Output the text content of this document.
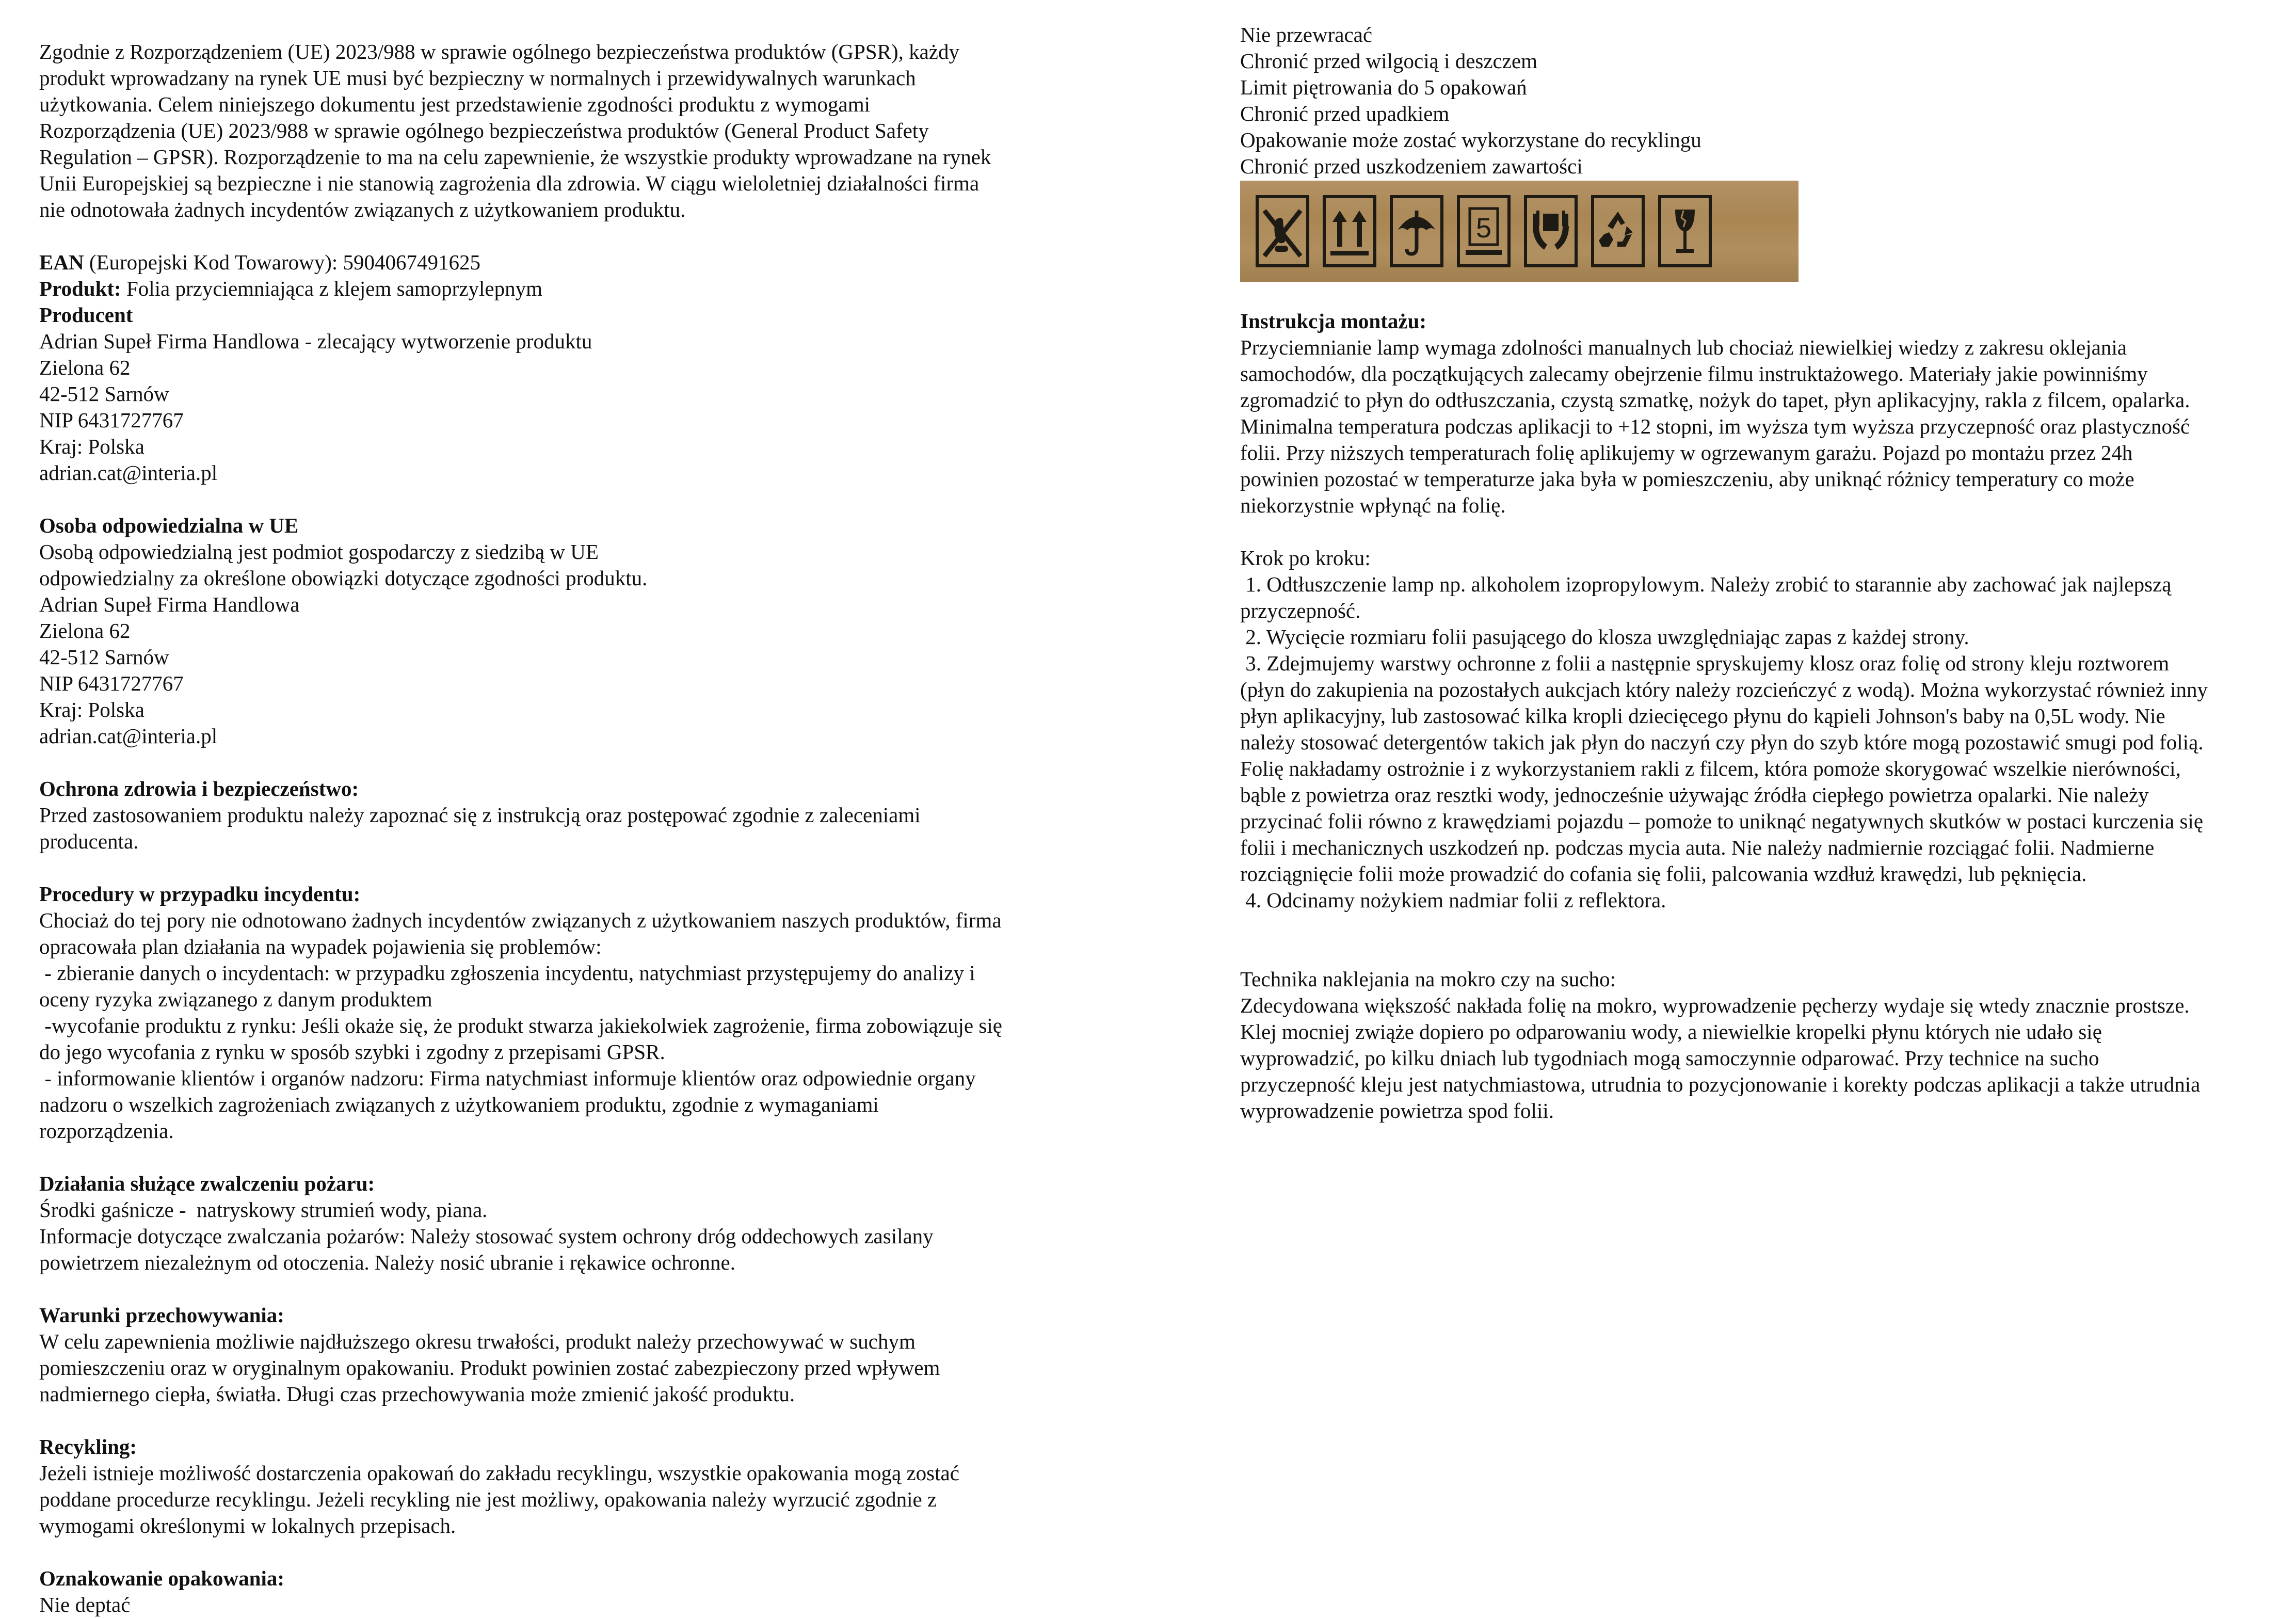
Zgodnie z Rozporządzeniem (UE) 2023/988 w sprawie ogólnego bezpieczeństwa produktów (GPSR), każdy
produkt wprowadzany na rynek UE musi być bezpieczny w normalnych i przewidywalnych warunkach
użytkowania. Celem niniejszego dokumentu jest przedstawienie zgodności produktu z wymogami
Rozporządzenia (UE) 2023/988 w sprawie ogólnego bezpieczeństwa produktów (General Product Safety
Regulation – GPSR). Rozporządzenie to ma na celu zapewnienie, że wszystkie produkty wprowadzane na rynek
Unii Europejskiej są bezpieczne i nie stanowią zagrożenia dla zdrowia. W ciągu wieloletniej działalności firma
nie odnotowała żadnych incydentów związanych z użytkowaniem produktu.
EAN (Europejski Kod Towarowy): 5904067491625
Produkt: Folia przyciemniająca z klejem samoprzylepnym
Producent
Adrian Supeł Firma Handlowa - zlecający wytworzenie produktu
Zielona 62
42-512 Sarnów
NIP 6431727767
Kraj: Polska
adrian.cat@interia.pl
Osoba odpowiedzialna w UE
Osobą odpowiedzialną jest podmiot gospodarczy z siedzibą w UE
odpowiedzialny za określone obowiązki dotyczące zgodności produktu.
Adrian Supeł Firma Handlowa
Zielona 62
42-512 Sarnów
NIP 6431727767
Kraj: Polska
adrian.cat@interia.pl
Ochrona zdrowia i bezpieczeństwo:
Przed zastosowaniem produktu należy zapoznać się z instrukcją oraz postępować zgodnie z zaleceniami
producenta.
Procedury w przypadku incydentu:
Chociaż do tej pory nie odnotowano żadnych incydentów związanych z użytkowaniem naszych produktów, firma
opracowała plan działania na wypadek pojawienia się problemów:
- zbieranie danych o incydentach: w przypadku zgłoszenia incydentu, natychmiast przystępujemy do analizy i
oceny ryzyka związanego z danym produktem
-wycofanie produktu z rynku: Jeśli okaże się, że produkt stwarza jakiekolwiek zagrożenie, firma zobowiązuje się
do jego wycofania z rynku w sposób szybki i zgodny z przepisami GPSR.
- informowanie klientów i organów nadzoru: Firma natychmiast informuje klientów oraz odpowiednie organy
nadzoru o wszelkich zagrożeniach związanych z użytkowaniem produktu, zgodnie z wymaganiami
rozporządzenia.
Działania służące zwalczeniu pożaru:
Środki gaśnicze -  natryskowy strumień wody, piana.
Informacje dotyczące zwalczania pożarów: Należy stosować system ochrony dróg oddechowych zasilany
powietrzem niezależnym od otoczenia. Należy nosić ubranie i rękawice ochronne.
Warunki przechowywania:
W celu zapewnienia możliwie najdłuższego okresu trwałości, produkt należy przechowywać w suchym
pomieszczeniu oraz w oryginalnym opakowaniu. Produkt powinien zostać zabezpieczony przed wpływem
nadmiernego ciepła, światła. Długi czas przechowywania może zmienić jakość produktu.
Recykling:
Jeżeli istnieje możliwość dostarczenia opakowań do zakładu recyklingu, wszystkie opakowania mogą zostać
poddane procedurze recyklingu. Jeżeli recykling nie jest możliwy, opakowania należy wyrzucić zgodnie z
wymogami określonymi w lokalnych przepisach.
Oznakowanie opakowania:
Nie deptać
Nie przewracać
Chronić przed wilgocią i deszczem
Limit piętrowania do 5 opakowań
Chronić przed upadkiem
Opakowanie może zostać wykorzystane do recyklingu
Chronić przed uszkodzeniem zawartości
5
Instrukcja montażu:
Przyciemnianie lamp wymaga zdolności manualnych lub chociaż niewielkiej wiedzy z zakresu oklejania
samochodów, dla początkujących zalecamy obejrzenie filmu instruktażowego. Materiały jakie powinniśmy
zgromadzić to płyn do odtłuszczania, czystą szmatkę, nożyk do tapet, płyn aplikacyjny, rakla z filcem, opalarka.
Minimalna temperatura podczas aplikacji to +12 stopni, im wyższa tym wyższa przyczepność oraz plastyczność
folii. Przy niższych temperaturach folię aplikujemy w ogrzewanym garażu. Pojazd po montażu przez 24h
powinien pozostać w temperaturze jaka była w pomieszczeniu, aby uniknąć różnicy temperatury co może
niekorzystnie wpłynąć na folię.
Krok po kroku:
1. Odtłuszczenie lamp np. alkoholem izopropylowym. Należy zrobić to starannie aby zachować jak najlepszą
przyczepność.
2. Wycięcie rozmiaru folii pasującego do klosza uwzględniając zapas z każdej strony.
3. Zdejmujemy warstwy ochronne z folii a następnie spryskujemy klosz oraz folię od strony kleju roztworem
(płyn do zakupienia na pozostałych aukcjach który należy rozcieńczyć z wodą). Można wykorzystać również inny
płyn aplikacyjny, lub zastosować kilka kropli dziecięcego płynu do kąpieli Johnson's baby na 0,5L wody. Nie
należy stosować detergentów takich jak płyn do naczyń czy płyn do szyb które mogą pozostawić smugi pod folią.
Folię nakładamy ostrożnie i z wykorzystaniem rakli z filcem, która pomoże skorygować wszelkie nierówności,
bąble z powietrza oraz resztki wody, jednocześnie używając źródła ciepłego powietrza opalarki. Nie należy
przycinać folii równo z krawędziami pojazdu – pomoże to uniknąć negatywnych skutków w postaci kurczenia się
folii i mechanicznych uszkodzeń np. podczas mycia auta. Nie należy nadmiernie rozciągać folii. Nadmierne
rozciągnięcie folii może prowadzić do cofania się folii, palcowania wzdłuż krawędzi, lub pęknięcia.
4. Odcinamy nożykiem nadmiar folii z reflektora.
Technika naklejania na mokro czy na sucho:
Zdecydowana większość nakłada folię na mokro, wyprowadzenie pęcherzy wydaje się wtedy znacznie prostsze.
Klej mocniej zwiąże dopiero po odparowaniu wody, a niewielkie kropelki płynu których nie udało się
wyprowadzić, po kilku dniach lub tygodniach mogą samoczynnie odparować. Przy technice na sucho
przyczepność kleju jest natychmiastowa, utrudnia to pozycjonowanie i korekty podczas aplikacji a także utrudnia
wyprowadzenie powietrza spod folii.
